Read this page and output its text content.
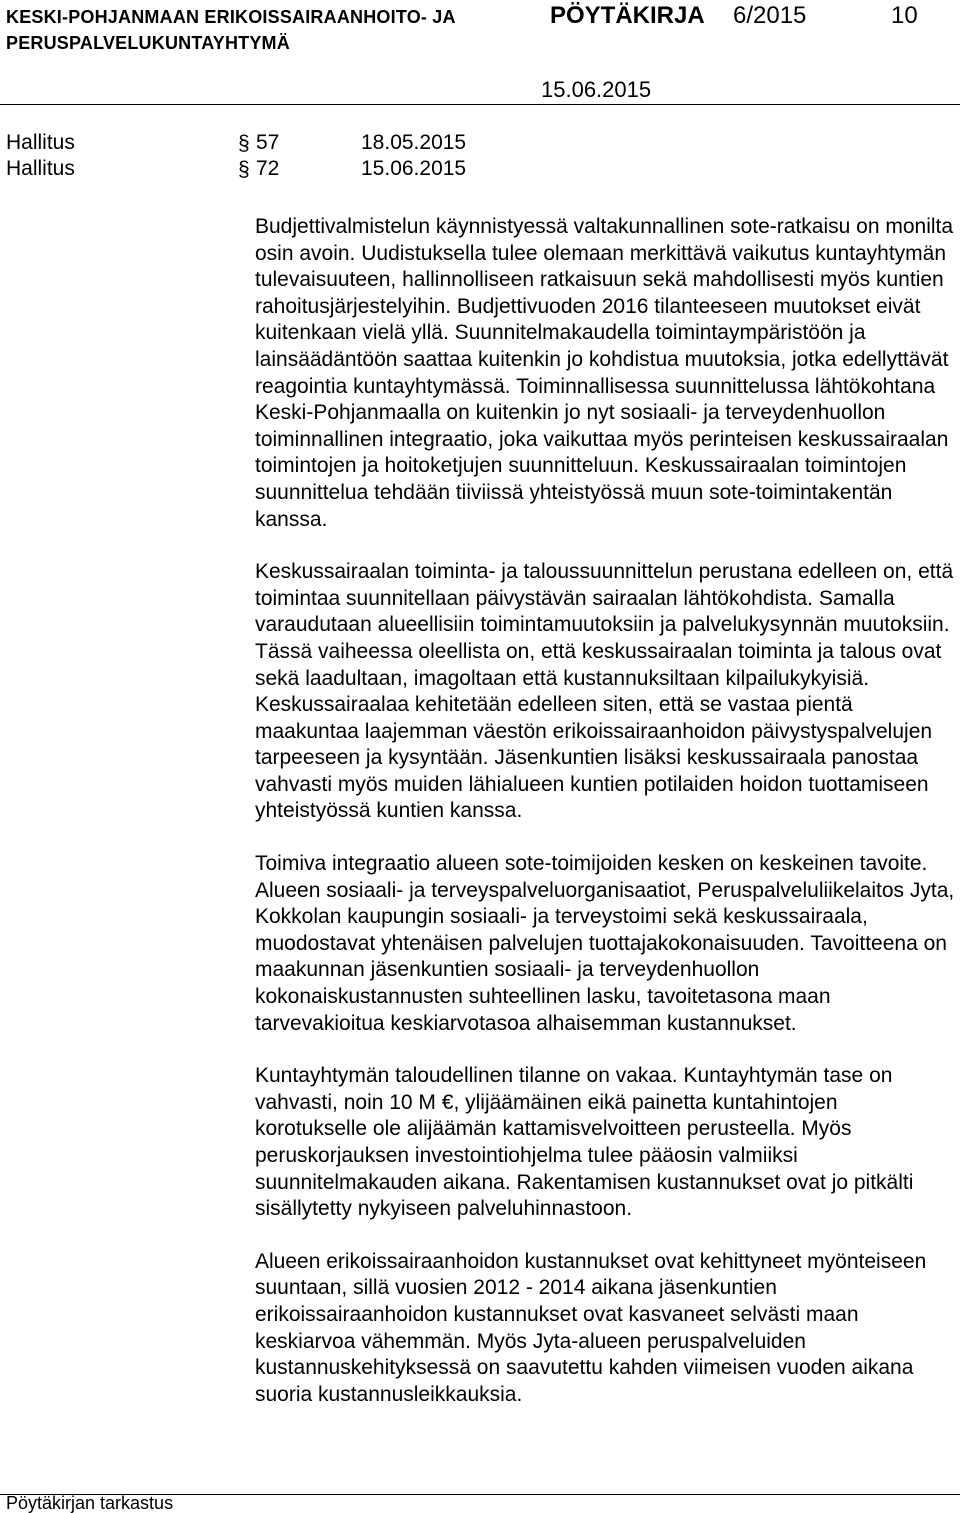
KESKI-POHJANMAAN ERIKOISSAIRAANHOITO- JA
PERUSPALVELUKUNTAYHTYMÄ
PÖYTÄKIRJA 6/2015	10
15.06.2015
Hallitus	§ 57	18.05.2015
Hallitus	§ 72	15.06.2015

Budjettivalmistelun käynnistyessä valtakunnallinen sote-ratkaisu on monilta osin avoin. Uudistuksella tulee olemaan merkittävä vaikutus kuntayhtymän tulevaisuuteen, hallinnolliseen ratkaisuun sekä mahdollisesti myös kuntien rahoitusjärjestelyihin. Budjettivuoden 2016 tilanteeseen muutokset eivät kuitenkaan vielä yllä. Suunnitelmakaudella toimintaympäristöön ja lainsäädäntöön saattaa kuitenkin jo kohdistua muutoksia, jotka edellyttävät reagointia kuntayhtymässä. Toiminnallisessa suunnittelussa lähtökohtana Keski-Pohjanmaalla on kuitenkin jo nyt sosiaali- ja terveydenhuollon toiminnallinen integraatio, joka vaikuttaa myös perinteisen keskussairaalan toimintojen ja hoitoketjujen suunnitteluun. Keskussairaalan toimintojen suunnittelua tehdään tiiviissä yhteistyössä muun sote-toimintakentän kanssa.

Keskussairaalan toiminta- ja taloussuunnittelun perustana edelleen on, että toimintaa suunnitellaan päivystävän sairaalan lähtökohdista. Samalla varaudutaan alueellisiin toimintamuutoksiin ja palvelukysynnän muutoksiin. Tässä vaiheessa oleellista on, että keskussairaalan toiminta ja talous ovat sekä laadultaan, imagoltaan että kustannuksiltaan kilpailukykyisiä. Keskussairaalaa kehitetään edelleen siten, että se vastaa pientä maakuntaa laajemman väestön erikoissairaanhoidon päivystyspalvelujen tarpeeseen ja kysyntään. Jäsenkuntien lisäksi keskussairaala panostaa vahvasti myös muiden lähialueen kuntien potilaiden hoidon tuottamiseen yhteistyössä kuntien kanssa.

Toimiva integraatio alueen sote-toimijoiden kesken on keskeinen tavoite. Alueen sosiaali- ja terveyspalveluorganisaatiot, Peruspalveluliikelaitos Jyta, Kokkolan kaupungin sosiaali- ja terveystoimi sekä keskussairaala, muodostavat yhtenäisen palvelujen tuottajakokonaisuuden. Tavoitteena on maakunnan jäsenkuntien sosiaali- ja terveydenhuollon kokonaiskustannusten suhteellinen lasku, tavoitetasona maan tarvevakioitua keskiarvotasoa alhaisemman kustannukset.

Kuntayhtymän taloudellinen tilanne on vakaa. Kuntayhtymän tase on vahvasti, noin 10 M €, ylijäämäinen eikä painetta kuntahintojen korotukselle ole alijäämän kattamisvelvoitteen perusteella. Myös peruskorjauksen investointiohjelma tulee pääosin valmiiksi suunnitelmakauden aikana. Rakentamisen kustannukset ovat jo pitkälti sisällytetty nykyiseen palveluhinnastoon.

Alueen erikoissairaanhoidon kustannukset ovat kehittyneet myönteiseen suuntaan, sillä vuosien 2012 - 2014 aikana jäsenkuntien erikoissairaanhoidon kustannukset ovat kasvaneet selvästi maan keskiarvoa vähemmän. Myös Jyta-alueen peruspalveluiden kustannuskehityksessä on saavutettu kahden viimeisen vuoden aikana suoria kustannusleikkauksia.

Pöytäkirjan tarkastus
